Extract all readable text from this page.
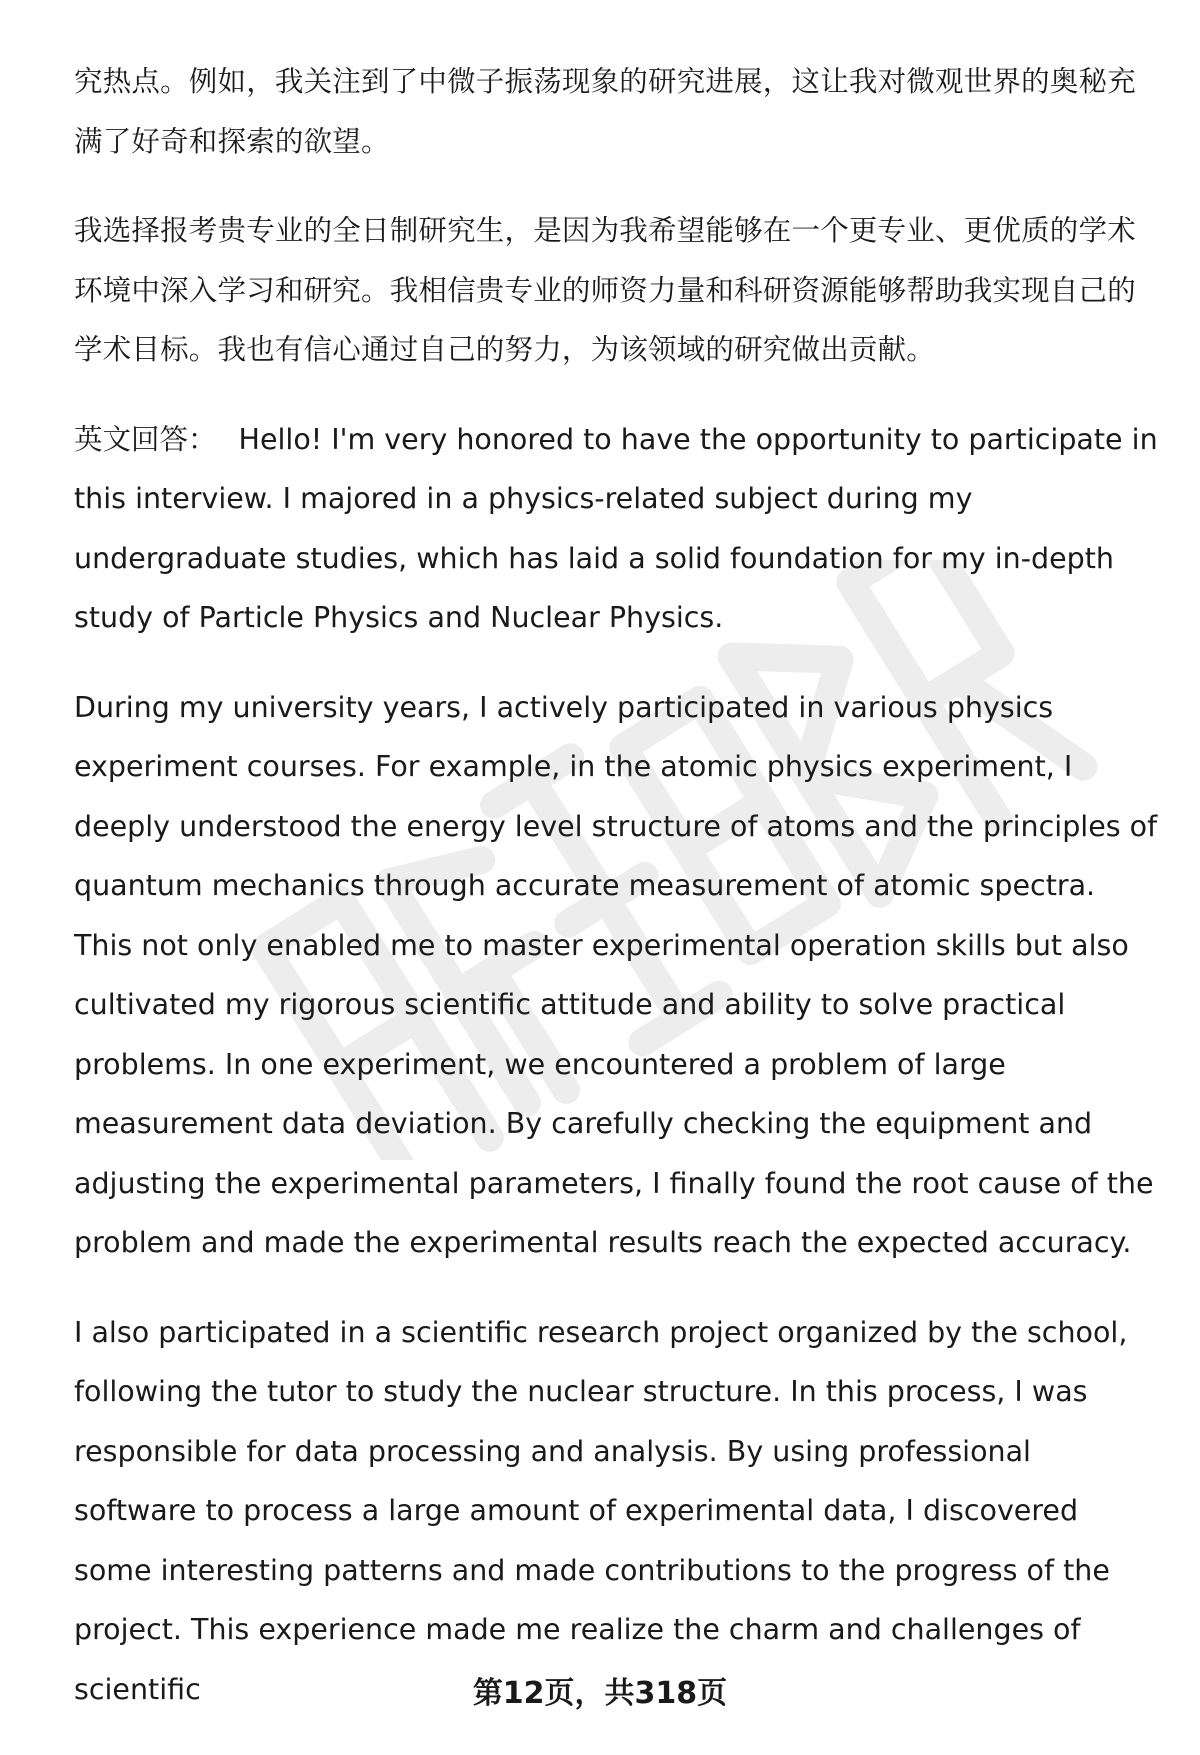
究热点。例如，我关注到了中微子振荡现象的研究进展，这让我对微观世界的奥秘充满了好奇和探索的欲望。

我选择报考贵专业的全日制研究生，是因为我希望能够在一个更专业、更优质的学术环境中深入学习和研究。我相信贵专业的师资力量和科研资源能够帮助我实现自己的学术目标。我也有信心通过自己的努力，为该领域的研究做出贡献。

英文回答： Hello! I'm very honored to have the opportunity to participate in this interview. I majored in a physics-related subject during my undergraduate studies, which has laid a solid foundation for my in-depth study of Particle Physics and Nuclear Physics.

During my university years, I actively participated in various physics experiment courses. For example, in the atomic physics experiment, I deeply understood the energy level structure of atoms and the principles of quantum mechanics through accurate measurement of atomic spectra. This not only enabled me to master experimental operation skills but also cultivated my rigorous scientific attitude and ability to solve practical problems. In one experiment, we encountered a problem of large measurement data deviation. By carefully checking the equipment and adjusting the experimental parameters, I finally found the root cause of the problem and made the experimental results reach the expected accuracy.

I also participated in a scientific research project organized by the school, following the tutor to study the nuclear structure. In this process, I was responsible for data processing and analysis. By using professional software to process a large amount of experimental data, I discovered some interesting patterns and made contributions to the progress of the project. This experience made me realize the charm and challenges of scientific	第12页，共318页
